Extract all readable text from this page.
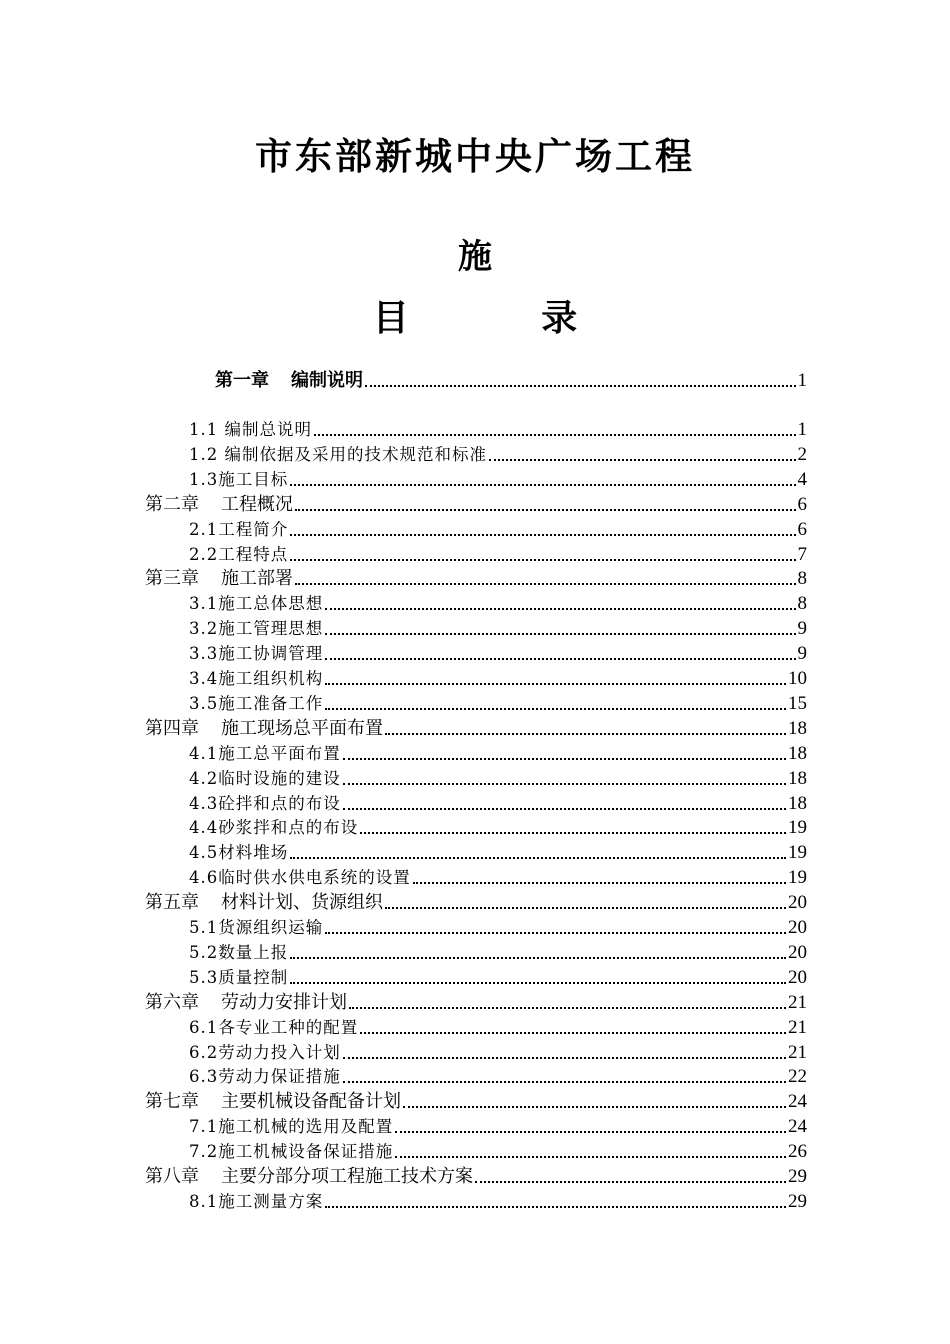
市东部新城中央广场工程
施
目 录
第一章 编制说明	1
1.1 编制总说明	1
1.2 编制依据及采用的技术规范和标准	2
1.3施工目标	4
第二章 工程概况	6
2.1工程简介	6
2.2工程特点	7
第三章 施工部署	8
3.1施工总体思想	8
3.2施工管理思想	9
3.3施工协调管理	9
3.4施工组织机构	10
3.5施工准备工作	15
第四章 施工现场总平面布置	18
4.1施工总平面布置	18
4.2临时设施的建设	18
4.3砼拌和点的布设	18
4.4砂浆拌和点的布设	19
4.5材料堆场	19
4.6临时供水供电系统的设置	19
第五章 材料计划、货源组织	20
5.1货源组织运输	20
5.2数量上报	20
5.3质量控制	20
第六章 劳动力安排计划	21
6.1各专业工种的配置	21
6.2劳动力投入计划	21
6.3劳动力保证措施	22
第七章 主要机械设备配备计划	24
7.1施工机械的选用及配置	24
7.2施工机械设备保证措施	26
第八章 主要分部分项工程施工技术方案	29
8.1施工测量方案	29
